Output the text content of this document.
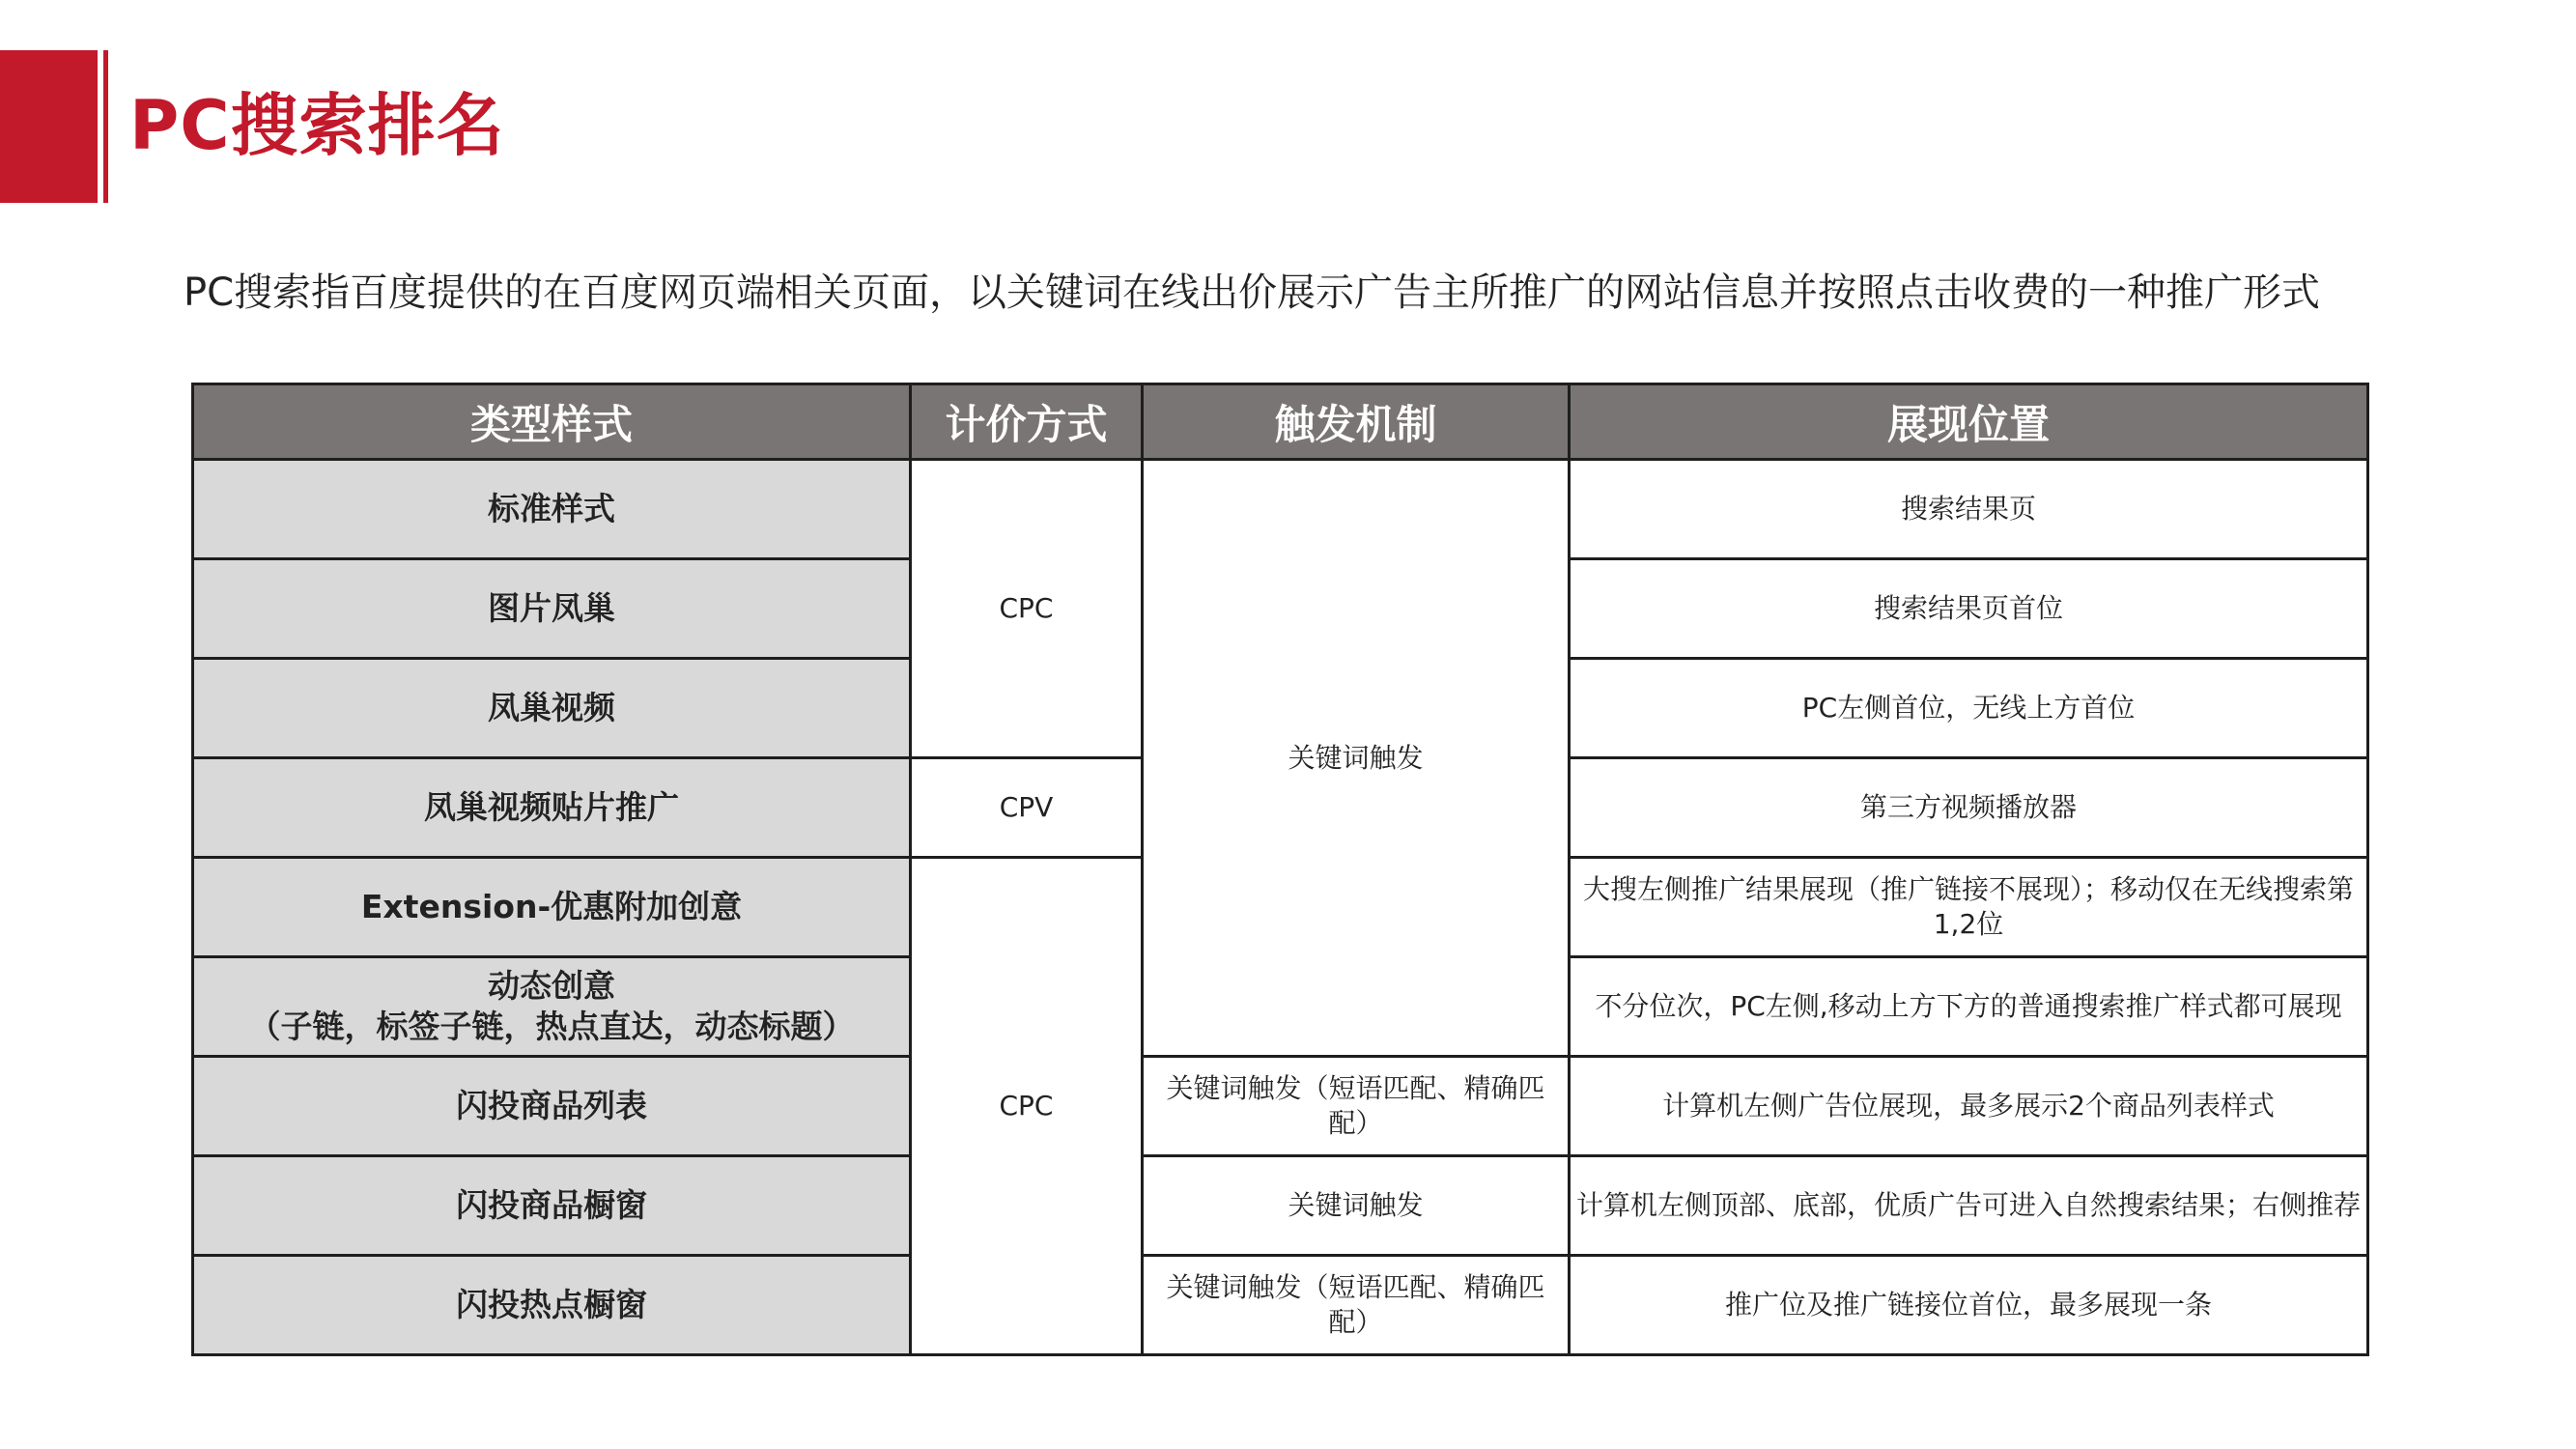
PC搜索排名

PC搜索指百度提供的在百度网页端相关页面，以关键词在线出价展示广告主所推广的网站信息并按照点击收费的一种推广形式

类型样式	计价方式	触发机制	展现位置
标准样式	CPC	关键词触发	搜索结果页
图片凤巢			搜索结果页首位
凤巢视频			PC左侧首位，无线上方首位
凤巢视频贴片推广	CPV		第三方视频播放器
Extension-优惠附加创意	CPC		大搜左侧推广结果展现（推广链接不展现）；移动仅在无线搜索第1,2位

动态创意
（子链，标签子链，热点直达，动态标题）			不分位次，PC左侧,移动上方下方的普通搜索推广样式都可展现
闪投商品列表		关键词触发（短语匹配、精确匹配）	计算机左侧广告位展现，最多展示2个商品列表样式
闪投商品橱窗		关键词触发	计算机左侧顶部、底部，优质广告可进入自然搜索结果；右侧推荐
闪投热点橱窗		关键词触发（短语匹配、精确匹配）	推广位及推广链接位首位，最多展现一条
